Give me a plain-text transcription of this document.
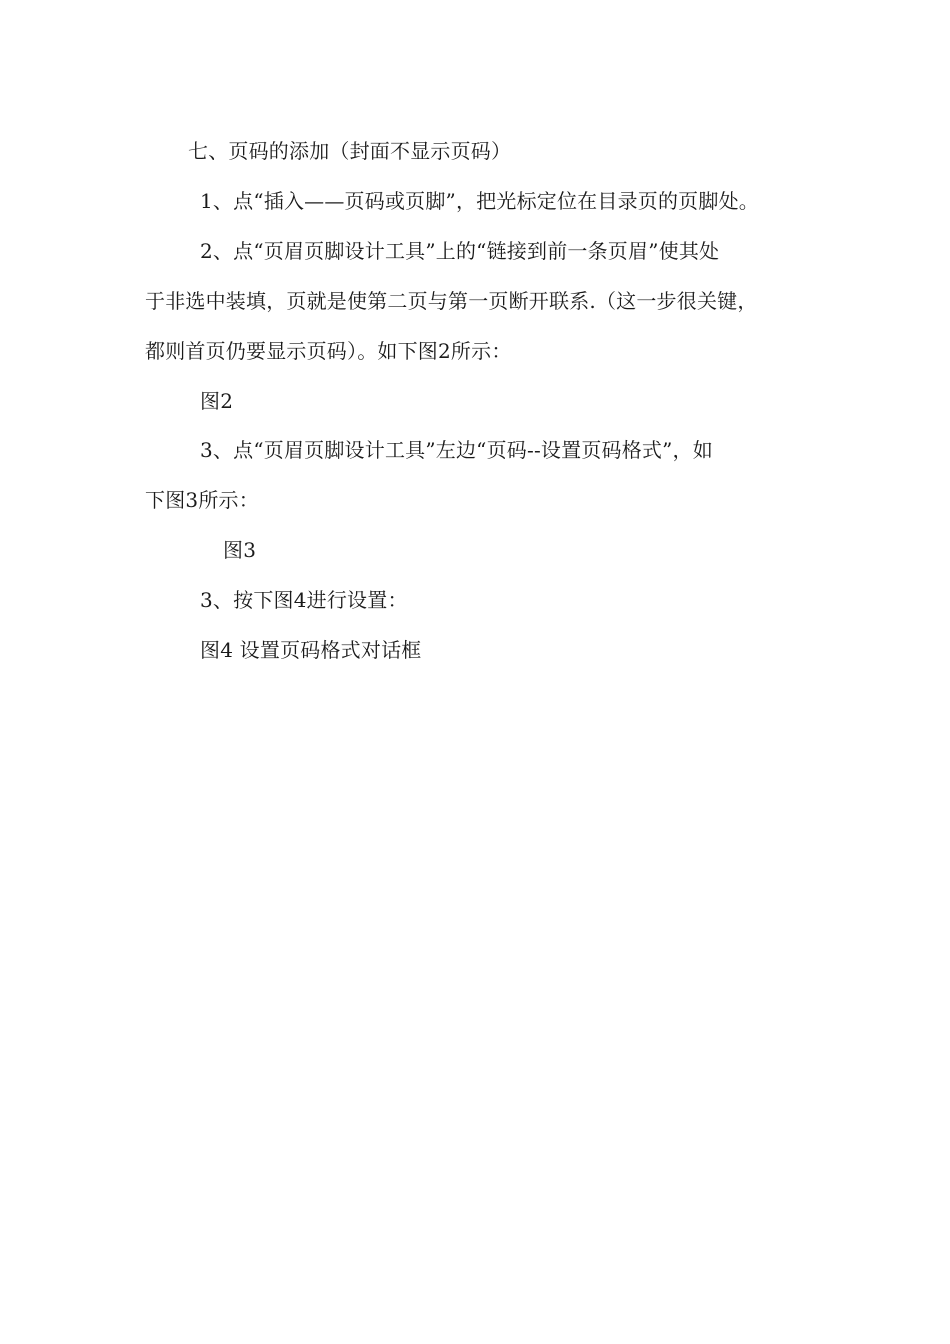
七、页码的添加（封面不显示页码）
1、点“插入——页码或页脚”，把光标定位在目录页的页脚处。
2、点“页眉页脚设计工具”上的“链接到前一条页眉”使其处
于非选中装填，页就是使第二页与第一页断开联系.（这一步很关键，
都则首页仍要显示页码）。如下图2所示：
图2
3、点“页眉页脚设计工具”左边“页码--设置页码格式”，如
下图3所示：
图3
3、按下图4进行设置：
图4 设置页码格式对话框
